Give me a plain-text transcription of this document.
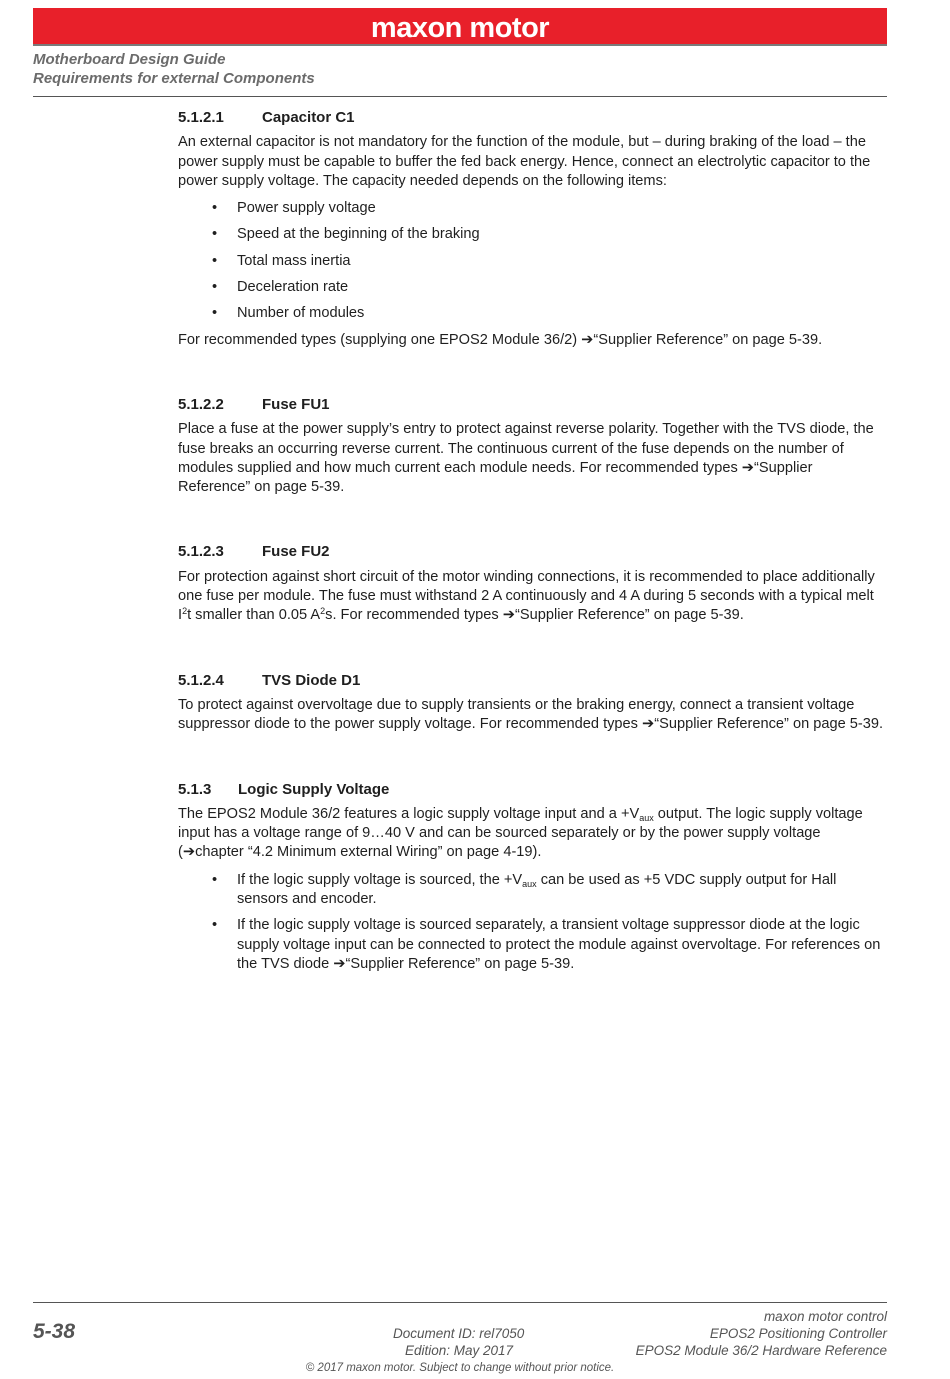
maxon motor
Motherboard Design Guide
Requirements for external Components
5.1.2.1	Capacitor C1

An external capacitor is not mandatory for the function of the module, but – during braking of the load – the power supply must be capable to buffer the fed back energy. Hence, connect an electrolytic capacitor to the power supply voltage. The capacity needed depends on the following items:

• Power supply voltage
• Speed at the beginning of the braking
• Total mass inertia
• Deceleration rate
• Number of modules

For recommended types (supplying one EPOS2 Module 36/2) ➔“Supplier Reference” on page 5-39.

5.1.2.2	Fuse FU1

Place a fuse at the power supply’s entry to protect against reverse polarity. Together with the TVS diode, the fuse breaks an occurring reverse current. The continuous current of the fuse depends on the number of modules supplied and how much current each module needs. For recommended types ➔“Supplier Reference” on page 5-39.

5.1.2.3	Fuse FU2

For protection against short circuit of the motor winding connections, it is recommended to place additionally one fuse per module. The fuse must withstand 2 A continuously and 4 A during 5 seconds with a typical melt $I^2t$ smaller than 0.05 $A^2s$. For recommended types ➔“Supplier Reference” on page 5-39.

5.1.2.4	TVS Diode D1

To protect against overvoltage due to supply transients or the braking energy, connect a transient voltage suppressor diode to the power supply voltage. For recommended types ➔“Supplier Reference” on page 5-39.

5.1.3	Logic Supply Voltage

The EPOS2 Module 36/2 features a logic supply voltage input and $a +V_{aux}$ output. The logic supply voltage input has a voltage range of 9…40 V and can be sourced separately or by the power supply voltage (➔chapter “4.2 Minimum external Wiring” on page 4-19).

• If the logic supply voltage is sourced, the $+V_{aux}$ can be used as +5 VDC supply output for Hall sensors and encoder.
• If the logic supply voltage is sourced separately, a transient voltage suppressor diode at the logic supply voltage input can be connected to protect the module against overvoltage. For references on the TVS diode ➔“Supplier Reference” on page 5-39.
5-38	Document ID: rel7050
Edition: May 2017
maxon motor control
EPOS2 Positioning Controller
EPOS2 Module 36/2 Hardware Reference
© 2017 maxon motor. Subject to change without prior notice.
